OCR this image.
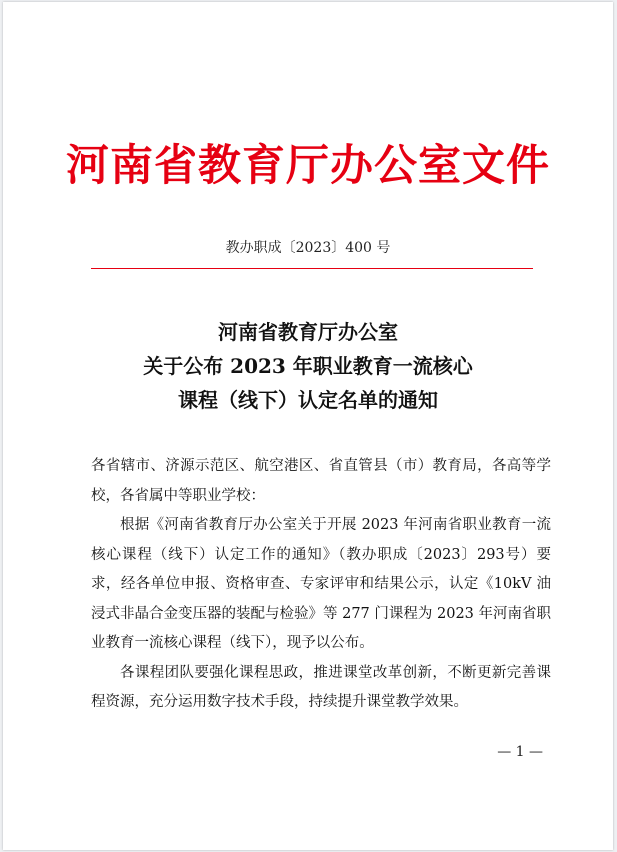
河南省教育厅办公室文件
教办职成〔2023〕400 号
河南省教育厅办公室
关于公布 2023 年职业教育一流核心
课程（线下）认定名单的通知

各省辖市、济源示范区、航空港区、省直管县（市）教育局，各高等学校，各省属中等职业学校：

根据《河南省教育厅办公室关于开展 2023 年河南省职业教育一流核心课程（线下）认定工作的通知》（教办职成〔2023〕293号）要求，经各单位申报、资格审查、专家评审和结果公示，认定《10kV 油浸式非晶合金变压器的装配与检验》等 277 门课程为 2023 年河南省职业教育一流核心课程（线下），现予以公布。

各课程团队要强化课程思政，推进课堂改革创新，不断更新完善课程资源，充分运用数字技术手段，持续提升课堂教学效果。

— 1 —
